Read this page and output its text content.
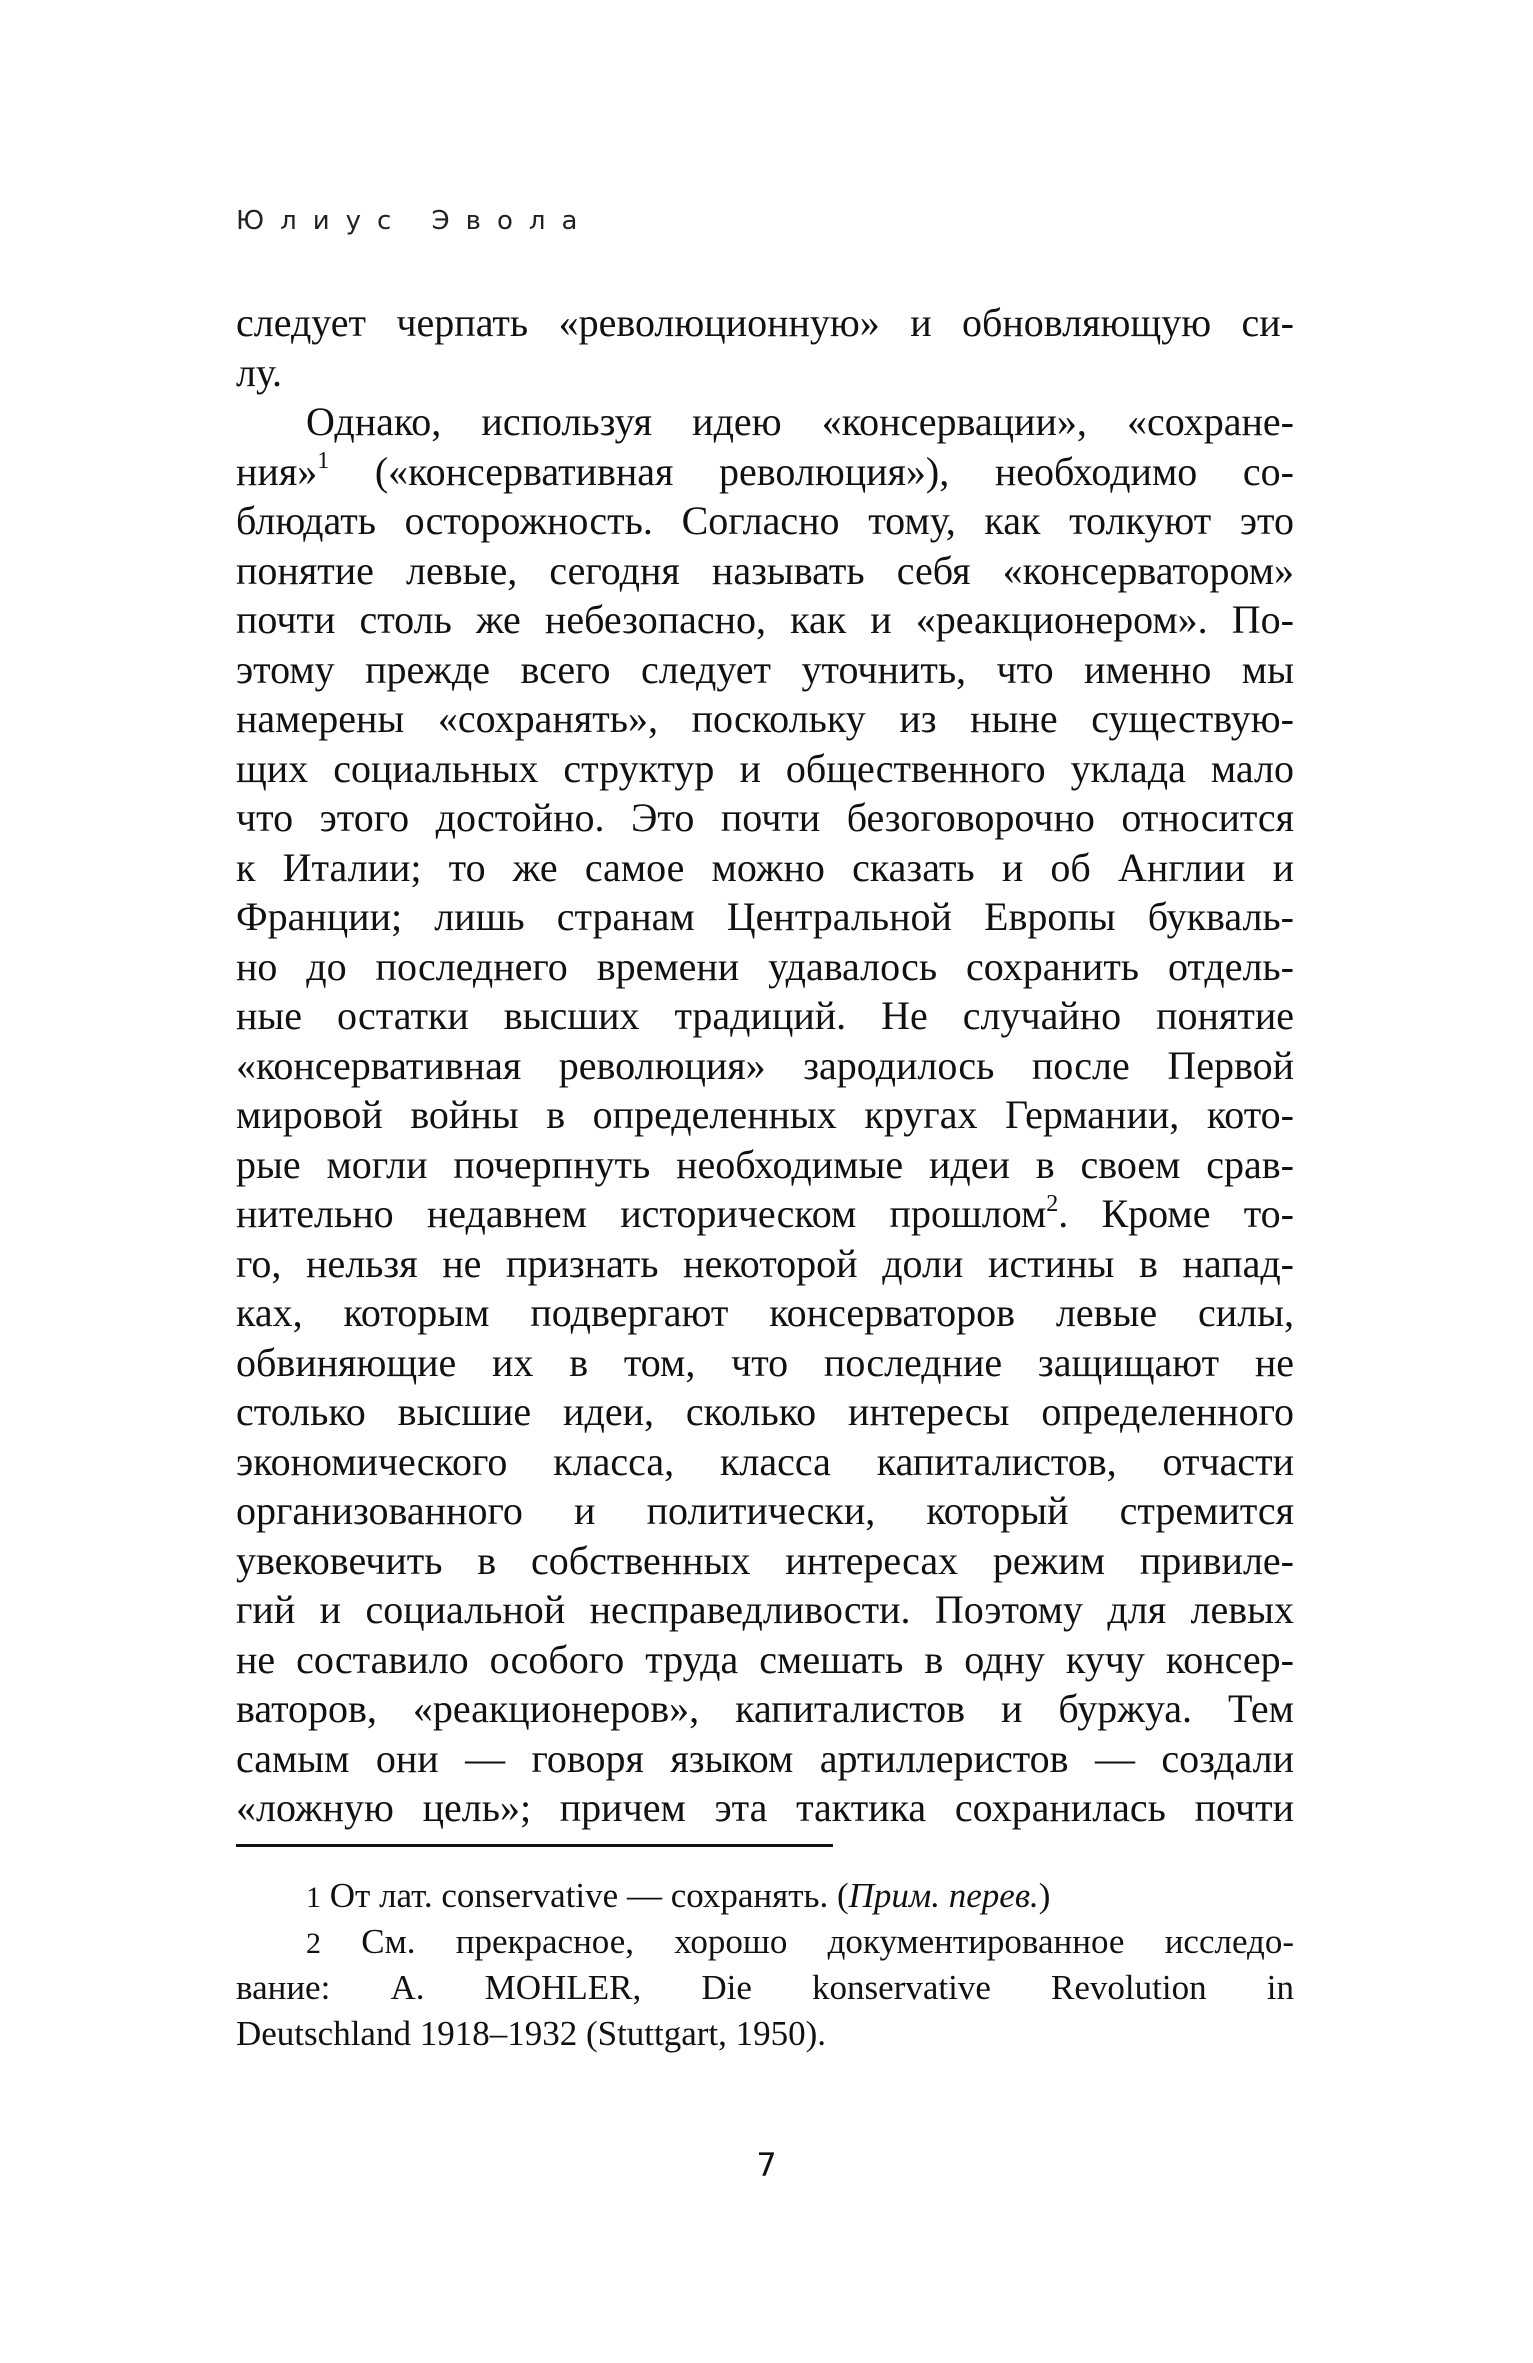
Юлиус Эвола
следует черпать «революционную» и обновляющую си-
лу.
Однако, используя идею «консервации», «сохране-
ния»$^1$ («консервативная революция»), необходимо со-
блюдать осторожность. Согласно тому, как толкуют это
понятие левые, сегодня называть себя «консерватором»
почти столь же небезопасно, как и «реакционером». По-
этому прежде всего следует уточнить, что именно мы
намерены «сохранять», поскольку из ныне существую-
щих социальных структур и общественного уклада мало
что этого достойно. Это почти безоговорочно относится
к Италии; то же самое можно сказать и об Англии и
Франции; лишь странам Центральной Европы букваль-
но до последнего времени удавалось сохранить отдель-
ные остатки высших традиций. Не случайно понятие
«консервативная революция» зародилось после Первой
мировой войны в определенных кругах Германии, кото-
рые могли почерпнуть необходимые идеи в своем срав-
нительно недавнем историческом прошлом$^2$. Кроме то-
го, нельзя не признать некоторой доли истины в напад-
ках, которым подвергают консерваторов левые силы,
обвиняющие их в том, что последние защищают не
столько высшие идеи, сколько интересы определенного
экономического класса, класса капиталистов, отчасти
организованного и политически, который стремится
увековечить в собственных интересах режим привиле-
гий и социальной несправедливости. Поэтому для левых
не составило особого труда смешать в одну кучу консер-
ваторов, «реакционеров», капиталистов и буржуа. Тем
самым они — говоря языком артиллеристов — создали
«ложную цель»; причем эта тактика сохранилась почти
1 От лат. conservative — сохранять. (Прим. перев.)
2 См. прекрасное, хорошо документированное исследо-
вание: A. MOHLER, Die konservative Revolution in
Deutschland 1918–1932 (Stuttgart, 1950).
7
